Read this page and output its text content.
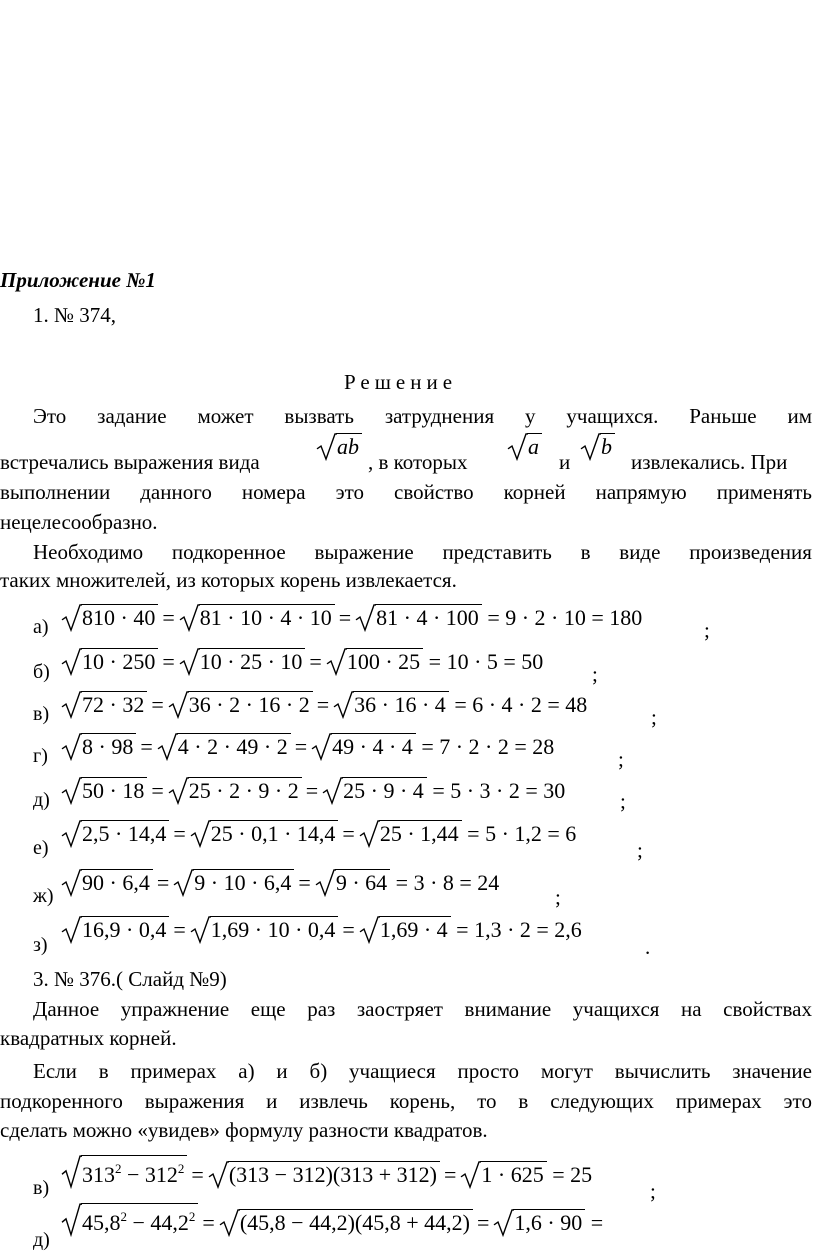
Приложение №1
1. № 374,
Решение
Это задание может вызвать затруднения у учащихся. Раньше им
встречались выражения вида
ab
, в которых
a
и
b
извлекались. При
выполнении данного номера это свойство корней напрямую применять
нецелесообразно.
Необходимо подкоренное выражение представить в виде произведения
таких множителей, из которых корень извлекается.
а)	810 · 40 = 81 · 10 · 4 · 10 = 81 · 4 · 100 = 9 · 2 · 10 = 180	;
б)	10 · 250 = 10 · 25 · 10 = 100 · 25 = 10 · 5 = 50 ;
в)	72 · 32 = 36 · 2 · 16 · 2 = 36 · 16 · 4 = 6 · 4 · 2 = 48	;
г)	8 · 98 = 4 · 2 · 49 · 2 = 49 · 4 · 4 = 7 · 2 · 2 = 28	;
д)	50 · 18 = 25 · 2 · 9 · 2 = 25 · 9 · 4 = 5 · 3 · 2 = 30	;
е)
2,5 · 14,4 = 25 · 0,1 · 14,4 = 25 · 1,44 = 5 · 1,2 = 6
;
ж)
90 · 6,4 = 9 · 10 · 6,4 = 9 · 64 = 3 · 8 = 24
;
з)
16,9 · 0,4 = 1,69 · 10 · 0,4 = 1,69 · 4 = 1,3 · 2 = 2,6
.
3. № 376.( Слайд №9)
Данное упражнение еще раз заостряет внимание учащихся на свойствах
квадратных корней.
Если в примерах а) и б) учащиеся просто могут вычислить значение
подкоренного выражения и извлечь корень, то в следующих примерах это
сделать можно «увидев» формулу разности квадратов.
в)
$313^2 - 312^2 = (313 - 312)(313 + 312) = 1 \cdot 625 = 25$
;
д)
$45,8^2 - 44,2^2 = (45,8 - 44,2)(45,8 + 44,2) = 1,6 \cdot 90$ =
